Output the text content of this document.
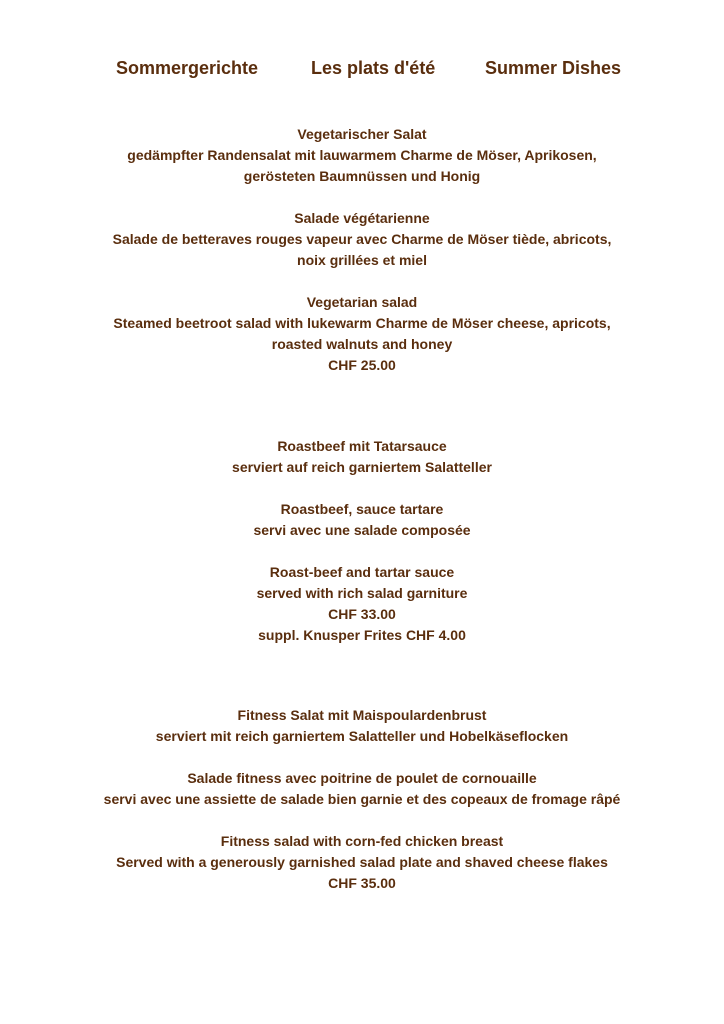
Sommergerichte	Les plats d'été	Summer Dishes
Vegetarischer Salat
gedämpfter Randensalat mit lauwarmem Charme de Möser, Aprikosen,
gerösteten Baumnüssen und Honig
Salade végétarienne
Salade de betteraves rouges vapeur avec Charme de Möser tiède, abricots,
noix grillées et miel
Vegetarian salad
Steamed beetroot salad with lukewarm Charme de Möser cheese, apricots,
roasted walnuts and honey
CHF 25.00
Roastbeef mit Tatarsauce
serviert auf reich garniertem Salatteller
Roastbeef, sauce tartare
servi avec une salade composée
Roast-beef and tartar sauce
served with rich salad garniture
CHF 33.00
suppl. Knusper Frites CHF 4.00
Fitness Salat mit Maispoulardenbrust
serviert mit reich garniertem Salatteller und Hobelkäseflocken
Salade fitness avec poitrine de poulet de cornouaille
servi avec une assiette de salade bien garnie et des copeaux de fromage râpé
Fitness salad with corn-fed chicken breast
Served with a generously garnished salad plate and shaved cheese flakes
CHF 35.00
